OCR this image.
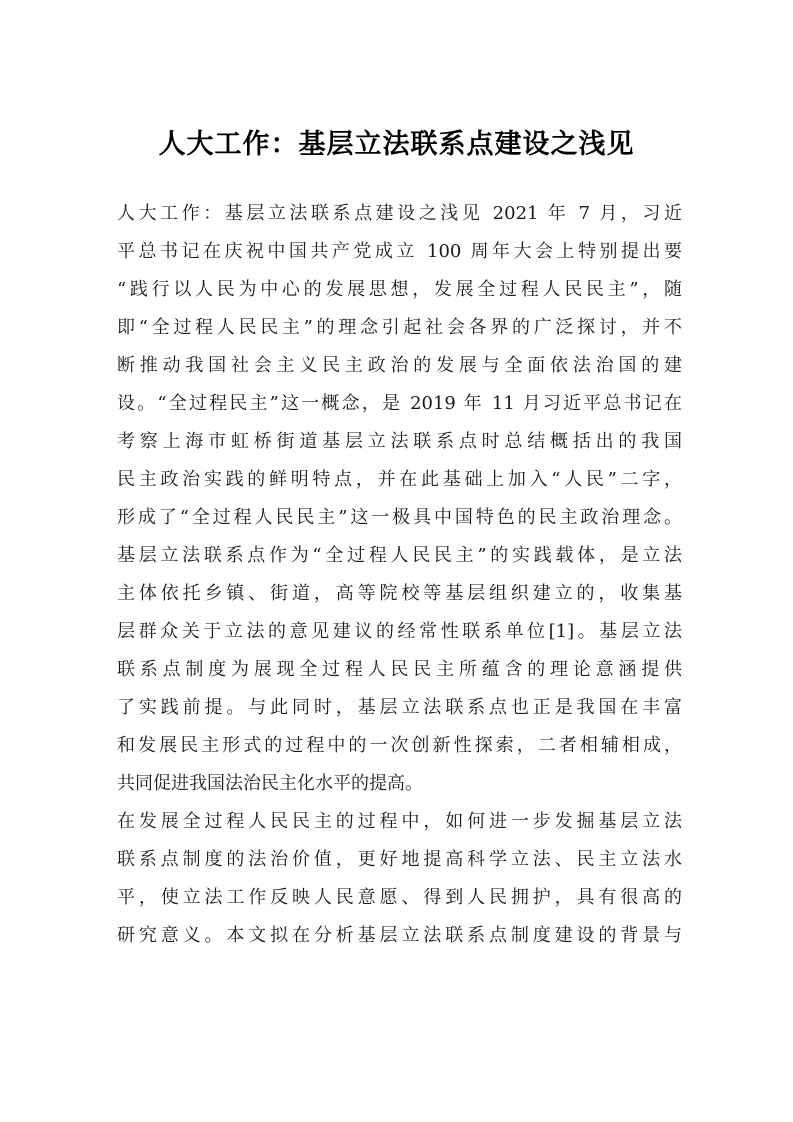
人大工作：基层立法联系点建设之浅见
人大工作：基层立法联系点建设之浅见 2021 年 7 月，习近
平总书记在庆祝中国共产党成立 100 周年大会上特别提出要
“践行以人民为中心的发展思想，发展全过程人民民主”，随
即“全过程人民民主”的理念引起社会各界的广泛探讨，并不
断推动我国社会主义民主政治的发展与全面依法治国的建
设。“全过程民主”这一概念，是 2019 年 11 月习近平总书记在
考察上海市虹桥街道基层立法联系点时总结概括出的我国
民主政治实践的鲜明特点，并在此基础上加入“人民”二字，
形成了“全过程人民民主”这一极具中国特色的民主政治理念。
基层立法联系点作为“全过程人民民主”的实践载体，是立法
主体依托乡镇、街道，高等院校等基层组织建立的，收集基
层群众关于立法的意见建议的经常性联系单位[1]。基层立法
联系点制度为展现全过程人民民主所蕴含的理论意涵提供
了实践前提。与此同时，基层立法联系点也正是我国在丰富
和发展民主形式的过程中的一次创新性探索，二者相辅相成，
共同促进我国法治民主化水平的提高。
在发展全过程人民民主的过程中，如何进一步发掘基层立法
联系点制度的法治价值，更好地提高科学立法、民主立法水
平，使立法工作反映人民意愿、得到人民拥护，具有很高的
研究意义。本文拟在分析基层立法联系点制度建设的背景与
